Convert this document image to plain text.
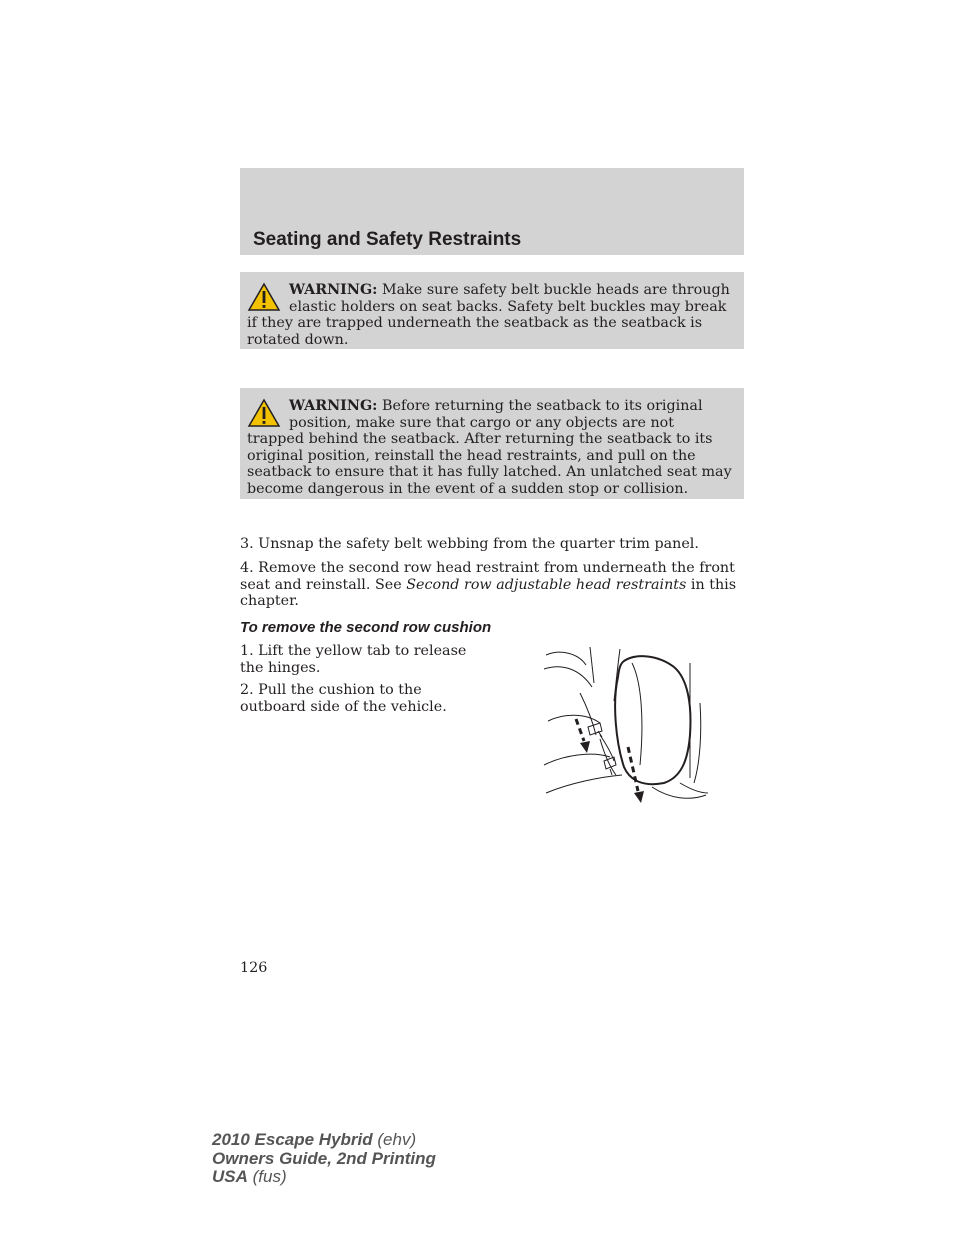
Seating and Safety Restraints
WARNING: Make sure safety belt buckle heads are through elastic holders on seat backs. Safety belt buckles may break if they are trapped underneath the seatback as the seatback is rotated down.
WARNING: Before returning the seatback to its original position, make sure that cargo or any objects are not trapped behind the seatback. After returning the seatback to its original position, reinstall the head restraints, and pull on the seatback to ensure that it has fully latched. An unlatched seat may become dangerous in the event of a sudden stop or collision.

3. Unsnap the safety belt webbing from the quarter trim panel.

4. Remove the second row head restraint from underneath the front seat and reinstall. See Second row adjustable head restraints in this chapter.

To remove the second row cushion

1. Lift the yellow tab to release the hinges.

2. Pull the cushion to the outboard side of the vehicle.

126
2010 Escape Hybrid (ehv)
Owners Guide, 2nd Printing
USA (fus)
